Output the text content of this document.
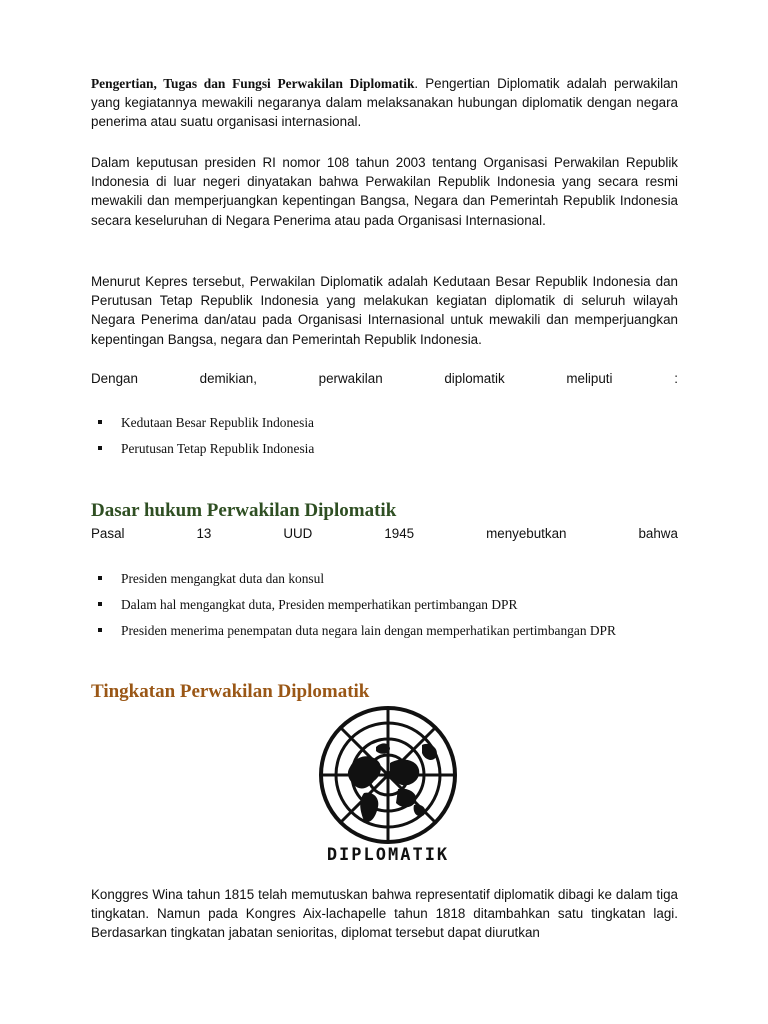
Pengertian, Tugas dan Fungsi Perwakilan Diplomatik. Pengertian Diplomatik adalah perwakilan yang kegiatannya mewakili negaranya dalam melaksanakan hubungan diplomatik dengan negara penerima atau suatu organisasi internasional.
Dalam keputusan presiden RI nomor 108 tahun 2003 tentang Organisasi Perwakilan Republik Indonesia di luar negeri dinyatakan bahwa Perwakilan Republik Indonesia yang secara resmi mewakili dan memperjuangkan kepentingan Bangsa, Negara dan Pemerintah Republik Indonesia secara keseluruhan di Negara Penerima atau pada Organisasi Internasional.
Menurut Kepres tersebut, Perwakilan Diplomatik adalah Kedutaan Besar Republik Indonesia dan Perutusan Tetap Republik Indonesia yang melakukan kegiatan diplomatik di seluruh wilayah Negara Penerima dan/atau pada Organisasi Internasional untuk mewakili dan memperjuangkan kepentingan Bangsa, negara dan Pemerintah Republik Indonesia.
Dengan	demikian,	perwakilan	diplomatik	meliputi	:
Kedutaan Besar Republik Indonesia
Perutusan Tetap Republik Indonesia
Dasar hukum Perwakilan Diplomatik
Pasal	13	UUD	1945	menyebutkan	bahwa
Presiden mengangkat duta dan konsul
Dalam hal mengangkat duta, Presiden memperhatikan pertimbangan DPR
Presiden menerima penempatan duta negara lain dengan memperhatikan pertimbangan DPR
Tingkatan Perwakilan Diplomatik
DIPLOMATIK
Konggres Wina tahun 1815 telah memutuskan bahwa representatif diplomatik dibagi ke dalam tiga tingkatan. Namun pada Kongres Aix-lachapelle tahun 1818 ditambahkan satu tingkatan lagi. Berdasarkan tingkatan jabatan senioritas, diplomat tersebut dapat diurutkan
